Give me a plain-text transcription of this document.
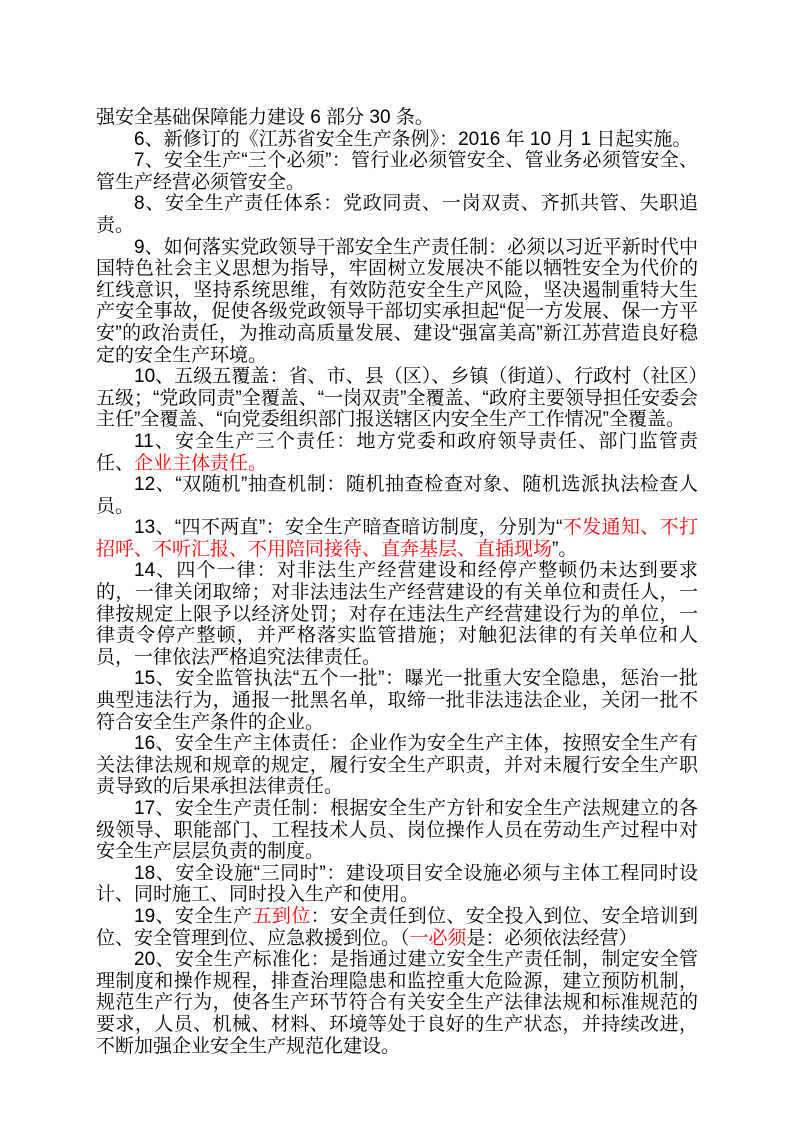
强安全基础保障能力建设 6 部分 30 条。

6、新修订的《江苏省安全生产条例》：2016 年 10 月 1 日起实施。

7、安全生产“三个必须”：管行业必须管安全、管业务必须管安全、管生产经营必须管安全。

8、安全生产责任体系：党政同责、一岗双责、齐抓共管、失职追责。

9、如何落实党政领导干部安全生产责任制：必须以习近平新时代中国特色社会主义思想为指导，牢固树立发展决不能以牺牲安全为代价的红线意识，坚持系统思维，有效防范安全生产风险，坚决遏制重特大生产安全事故，促使各级党政领导干部切实承担起“促一方发展、保一方平安”的政治责任，为推动高质量发展、建设“强富美高”新江苏营造良好稳定的安全生产环境。

10、五级五覆盖：省、市、县（区）、乡镇（街道）、行政村（社区）五级；“党政同责”全覆盖、“一岗双责”全覆盖、“政府主要领导担任安委会主任”全覆盖、“向党委组织部门报送辖区内安全生产工作情况”全覆盖。

11、安全生产三个责任：地方党委和政府领导责任、部门监管责任、企业主体责任。

12、“双随机”抽查机制：随机抽查检查对象、随机选派执法检查人员。

13、“四不两直”：安全生产暗查暗访制度，分别为“不发通知、不打招呼、不听汇报、不用陪同接待、直奔基层、直插现场”。

14、四个一律：对非法生产经营建设和经停产整顿仍未达到要求的，一律关闭取缔；对非法违法生产经营建设的有关单位和责任人，一律按规定上限予以经济处罚；对存在违法生产经营建设行为的单位，一律责令停产整顿，并严格落实监管措施；对触犯法律的有关单位和人员，一律依法严格追究法律责任。

15、安全监管执法“五个一批”：曝光一批重大安全隐患，惩治一批典型违法行为，通报一批黑名单，取缔一批非法违法企业，关闭一批不符合安全生产条件的企业。

16、安全生产主体责任：企业作为安全生产主体，按照安全生产有关法律法规和规章的规定，履行安全生产职责，并对未履行安全生产职责导致的后果承担法律责任。

17、安全生产责任制：根据安全生产方针和安全生产法规建立的各级领导、职能部门、工程技术人员、岗位操作人员在劳动生产过程中对安全生产层层负责的制度。

18、安全设施“三同时”：建设项目安全设施必须与主体工程同时设计、同时施工、同时投入生产和使用。

19、安全生产五到位：安全责任到位、安全投入到位、安全培训到位、安全管理到位、应急救援到位。（一必须是：必须依法经营）

20、安全生产标准化：是指通过建立安全生产责任制，制定安全管理制度和操作规程，排查治理隐患和监控重大危险源，建立预防机制，规范生产行为，使各生产环节符合有关安全生产法律法规和标准规范的要求，人员、机械、材料、环境等处于良好的生产状态，并持续改进，不断加强企业安全生产规范化建设。
